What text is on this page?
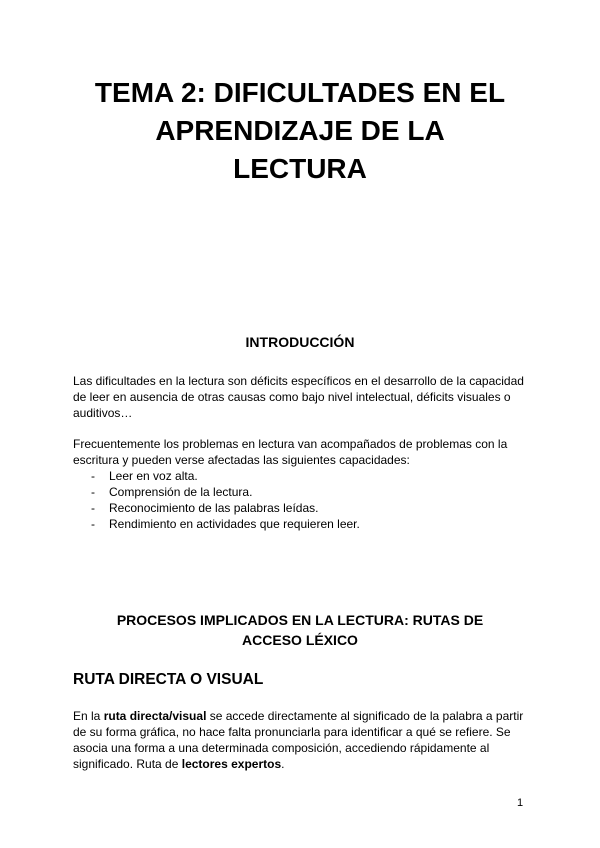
TEMA 2: DIFICULTADES EN EL
APRENDIZAJE DE LA
LECTURA
INTRODUCCIÓN

Las dificultades en la lectura son déficits específicos en el desarrollo de la capacidad de leer en ausencia de otras causas como bajo nivel intelectual, déficits visuales o auditivos…

Frecuentemente los problemas en lectura van acompañados de problemas con la escritura y pueden verse afectadas las siguientes capacidades:

- Leer en voz alta.
- Comprensión de la lectura.
- Reconocimiento de las palabras leídas.
- Rendimiento en actividades que requieren leer.
PROCESOS IMPLICADOS EN LA LECTURA: RUTAS DE
ACCESO LÉXICO
RUTA DIRECTA O VISUAL

En la ruta directa/visual se accede directamente al significado de la palabra a partir de su forma gráfica, no hace falta pronunciarla para identificar a qué se refiere. Se asocia una forma a una determinada composición, accediendo rápidamente al significado. Ruta de lectores expertos.

1
